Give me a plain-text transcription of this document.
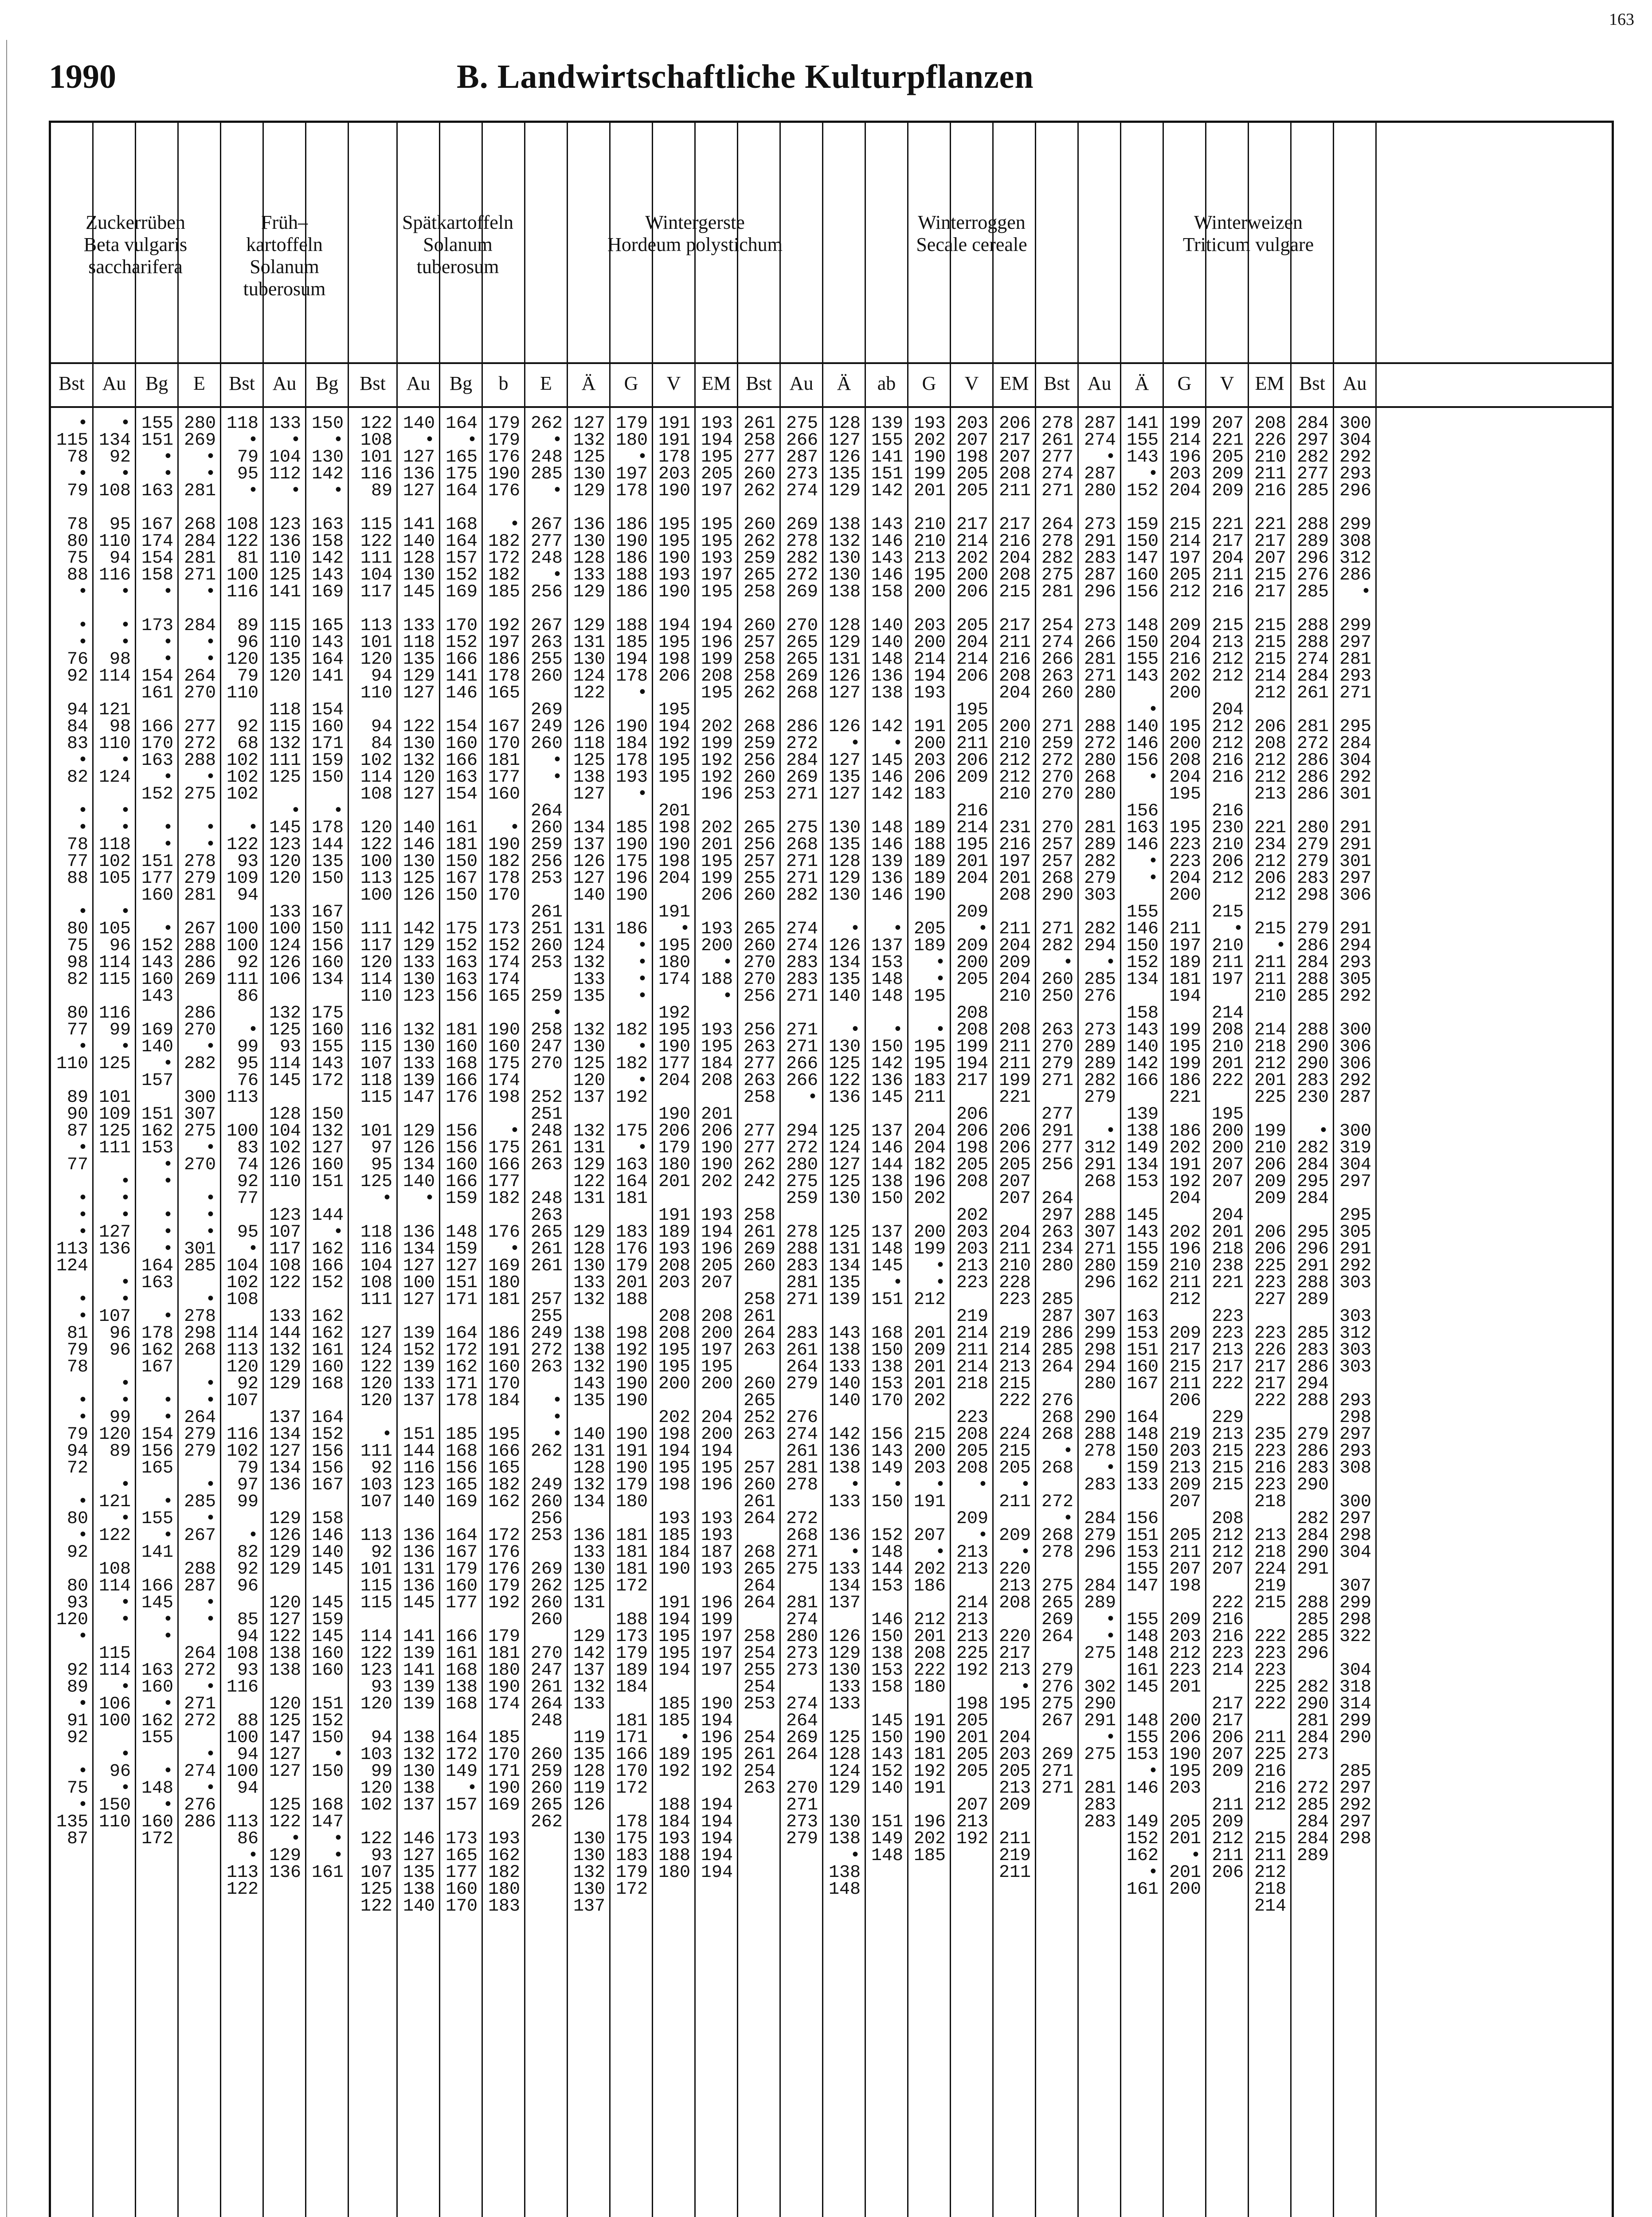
163
1990	B. Landwirtschaftliche Kulturpflanzen
Zuckerrüben
Beta vulgaris
saccharifera
Früh–
kartoffeln
Solanum
tuberosum
Spätkartoffeln
Solanum
tuberosum
Wintergerste
Hordeum polystichum
Winterroggen
Secale cereale
Winterweizen
Triticum vulgare
Bst
•
115
78
•
79
78
80
75
88
•
•
•
76
92
94
84
83
•
82
•
•
78
77
88
•
80
75
98
82
80
77
•
110
89
90
87
•
77
•
•
•
113
124
•
•
81
79
78
•
•
79
94
72
•
80
•
92
80
93
120
•
92
89
•
91
92
•
75
•
135
87
Au
•
134
92
•
108
95
110
94
116
•
•
•
98
114
121
98
110
•
124
•
•
118
102
105
•
105
96
114
115
116
99
•
125
101
109
125
111
•
•
•
127
136
•
•
107
96
96
•
•
99
120
89
•
121
•
122
108
114
•
•
115
114
•
106
100
•
96
•
150
110
Bg
155
151
•
•
163
167
174
154
158
•
173
•
•
154
161
166
170
163
•
152
•
•
151
177
160
•
152
143
160
143
169
140
•
157
151
162
153
•
•
•
•
•
164
163
•
178
162
167
•
•
154
156
165
•
155
•
141
166
145
•
•
163
160
•
162
155
•
148
•
160
172
E
280
269
•
•
281
268
284
281
271
•
284
•
•
264
270
277
272
288
•
275
•
•
278
279
281
267
288
286
269
286
270
•
282
300
307
275
•
270
•
•
•
301
285
•
278
298
268
•
•
264
279
279
•
285
•
267
288
287
•
•
264
272
•
271
272
•
274
•
276
286
Bst
118
•
79
95
•
108
122
81
100
116
89
96
120
79
110
92
68
102
102
102
•
122
93
109
94
100
100
92
111
86
•
99
95
76
113
100
83
74
92
77
95
•
104
102
108
114
113
120
92
107
116
102
79
97
99
•
82
92
96
85
94
108
93
116
88
100
94
100
94
113
86
•
113
122
Au
133
•
104
112
•
123
136
110
125
141
115
110
135
120
118
115
132
111
125
•
145
123
120
120
133
100
124
126
106
132
125
93
114
145
128
104
102
126
110
123
107
117
108
122
133
144
132
129
129
137
134
127
134
136
129
126
129
129
120
127
122
138
138
120
125
147
127
127
125
122
•
129
136
Bg
150
•
130
142
•
163
158
142
143
169
165
143
164
141
154
160
171
159
150
•
178
144
135
150
167
150
156
160
134
175
160
155
143
172
150
132
127
160
151
144
•
162
166
152
162
162
161
160
168
164
152
156
156
167
158
146
140
145
145
159
145
160
160
151
152
150
•
150
168
147
•
•
161
Bst
122
108
101
116
89
115
122
111
104
117
113
101
120
94
110
94
84
102
114
108
120
122
100
113
100
111
117
120
114
110
116
115
107
118
115
101
97
95
125
•
118
116
104
108
111
127
124
122
120
120
•
111
92
103
107
113
92
101
115
115
114
122
123
93
120
94
103
99
120
102
122
93
107
125
122
Au
140
•
127
136
127
141
140
128
130
145
133
118
135
129
127
122
130
132
120
127
140
146
130
125
126
142
129
133
130
123
132
130
133
139
147
129
126
134
140
•
136
134
127
100
127
139
152
139
133
137
151
144
116
123
140
136
136
131
136
145
141
139
141
139
139
138
132
130
138
137
146
127
135
138
140
Bg
164
•
165
175
164
168
164
157
152
169
170
152
166
141
146
154
160
166
163
154
161
181
150
167
150
175
152
163
163
156
181
160
168
166
176
156
156
160
166
159
148
159
127
151
171
164
172
162
171
178
185
168
156
165
169
164
167
179
160
177
166
161
168
138
168
164
172
149
•
157
173
165
177
160
170
b
179
179
176
190
176
•
182
172
182
185
192
197
186
178
165
167
170
181
177
160
•
190
182
178
170
173
152
174
174
165
190
160
175
174
198
•
175
166
177
182
176
•
169
180
181
186
191
160
170
184
195
166
165
182
162
172
176
176
179
192
179
181
180
190
174
185
170
171
190
169
193
162
182
180
183
E
262
•
248
285
•
267
277
248
•
256
267
263
255
260
269
249
260
•
•
264
260
259
256
253
261
251
260
253
259
•
258
247
270
252
251
248
261
263
248
263
265
261
261
257
255
249
272
263
•
•
•
262
249
260
256
253
269
262
260
260
270
247
261
264
248
260
259
260
265
262
Ä
127
132
125
130
129
136
130
128
133
129
129
131
130
124
122
126
118
125
138
127
134
137
126
127
140
131
124
132
133
135
132
130
125
120
137
132
131
129
122
131
129
128
130
133
132
138
138
132
143
135
140
131
128
132
134
136
133
130
125
131
129
142
137
132
133
119
135
128
119
126
130
130
132
130
137
G
179
180
•
197
178
186
190
186
188
186
188
185
194
178
•
190
184
178
193
•
185
190
175
196
190
186
•
•
•
•
182
•
182
•
192
175
•
163
164
181
183
176
179
201
188
198
192
190
190
190
190
191
190
179
180
181
181
181
172
188
173
179
189
184
181
171
166
170
172
178
175
183
179
172
V
191
191
178
203
190
195
195
190
193
190
194
195
198
206
195
194
192
195
195
201
198
190
198
204
191
•
195
180
174
192
195
190
177
204
190
206
179
180
201
191
189
193
208
203
208
208
195
195
200
202
198
194
195
198
193
185
184
190
191
194
195
195
194
185
185
•
189
192
188
184
193
188
180
EM
193
194
195
205
197
195
195
193
197
195
194
196
199
208
195
202
199
192
192
196
202
201
195
199
206
193
200
•
188
•
193
195
184
208
201
206
190
190
202
193
194
196
205
207
208
200
197
195
200
204
200
194
195
196
193
193
187
193
196
199
197
197
197
190
194
196
195
192
194
194
194
194
194
Bst
261
258
277
260
262
260
262
259
265
258
260
257
258
258
262
268
259
256
260
253
265
256
257
255
260
265
260
270
270
256
256
263
277
263
258
277
277
262
242
258
261
269
260
258
261
264
263
260
265
252
263
257
260
261
264
268
265
264
264
258
254
255
254
253
254
261
254
263
Au
275
266
287
273
274
269
278
282
272
269
270
265
265
269
268
286
272
284
269
271
275
268
271
271
282
274
274
283
283
271
271
271
266
266
•
294
272
280
275
259
278
288
283
281
271
283
261
264
279
276
274
261
281
278
272
268
271
275
281
274
280
273
273
274
264
269
264
270
271
273
279
Ä
128
127
126
135
129
138
132
130
130
138
128
129
131
126
127
126
•
127
135
127
130
135
128
129
130
•
126
134
135
140
•
130
125
122
136
125
124
127
125
130
125
131
134
135
139
143
138
133
140
140
142
136
138
•
133
136
•
133
134
137
126
129
130
133
133
125
128
124
129
130
138
•
138
148
ab
139
155
141
151
142
143
146
143
146
158
140
140
148
136
138
142
•
145
146
142
148
146
139
136
146
•
137
153
148
148
•
150
142
136
145
137
146
144
138
150
137
148
145
•
151
168
150
138
153
170
156
143
149
•
150
152
148
144
153
146
150
138
153
158
145
150
143
152
140
151
149
148
G
193
202
190
199
201
210
210
213
195
200
203
200
214
194
193
191
200
203
206
183
189
188
189
189
190
205
189
•
•
195
•
195
195
183
211
204
204
182
196
202
200
199
•
•
212
201
209
201
201
202
215
200
203
•
191
207
•
202
186
212
201
208
222
180
191
190
181
192
191
196
202
185
V
203
207
198
205
205
217
214
202
200
206
205
204
214
206
195
205
211
206
209
216
214
195
201
204
209
•
209
200
205
208
208
199
194
217
206
206
198
205
208
202
203
203
213
223
219
214
211
214
218
223
208
205
208
•
209
•
213
213
214
213
213
225
192
198
205
201
205
205
207
213
192
EM
206
217
207
208
211
217
216
204
208
215
217
211
216
208
204
200
210
212
212
210
231
216
197
201
208
211
204
209
204
210
208
211
211
199
221
206
206
205
207
207
204
211
210
228
223
219
214
213
215
222
224
215
205
•
211
209
•
220
213
208
220
217
213
•
195
204
203
205
213
209
211
219
211
Bst
278
261
277
274
271
264
278
282
275
281
254
274
266
263
260
271
259
272
270
270
270
257
257
268
290
271
282
•
260
250
263
270
279
271
277
291
277
256
264
297
263
234
280
285
287
286
285
264
276
268
268
•
268
272
•
268
278
275
265
269
264
279
276
275
267
269
271
271
Au
287
274
•
287
280
273
291
283
287
296
273
266
281
271
280
288
272
280
268
280
281
289
282
279
303
282
294
•
285
276
273
289
289
282
279
•
312
291
268
288
307
271
280
296
307
299
298
294
280
290
288
278
•
283
284
279
296
284
289
•
•
275
302
290
291
•
275
281
283
283
Ä
141
155
143
•
152
159
150
147
160
156
148
150
155
143
•
140
146
156
•
156
163
146
•
•
155
146
150
152
134
158
143
140
142
166
139
138
149
134
153
145
143
155
159
162
163
153
151
160
167
164
148
150
159
133
156
151
153
155
147
155
148
148
161
145
148
155
153
•
146
149
152
162
•
161
G
199
214
196
203
204
215
214
197
205
212
209
204
216
202
200
195
200
208
204
195
195
223
223
204
200
211
197
189
181
194
199
195
199
186
221
186
202
191
192
204
202
196
210
211
212
209
217
215
211
206
219
203
213
209
207
205
211
207
198
209
203
212
223
201
200
206
190
195
203
205
201
•
201
200
V
207
221
205
209
209
221
217
204
211
216
215
213
212
212
204
212
212
216
216
216
230
210
206
212
215
•
210
211
197
214
208
210
201
222
195
200
200
207
207
204
201
218
238
221
223
223
213
217
222
229
213
215
215
215
208
212
212
207
222
216
216
223
214
217
217
206
207
209
211
209
212
211
206
EM
208
226
210
211
216
221
217
207
215
217
215
215
215
214
212
206
208
212
212
213
221
234
212
206
212
215
•
211
211
210
214
218
212
201
225
199
210
206
209
209
206
206
225
223
227
223
226
217
217
222
235
223
216
223
218
213
218
224
219
215
222
223
223
225
222
211
225
216
216
212
215
211
212
218
214
Bst
284
297
282
277
285
288
289
296
276
285
288
288
274
284
261
281
272
286
286
286
280
279
279
283
298
279
286
284
288
285
288
290
290
283
230
•
282
284
295
284
295
296
291
288
289
285
283
286
294
288
279
286
283
290
282
284
290
291
288
285
285
296
282
290
281
284
273
272
285
284
284
289
Au
300
304
292
293
296
299
308
312
286
•
299
297
281
293
271
295
284
304
292
301
291
291
301
297
306
291
294
293
305
292
300
306
306
292
287
300
319
304
297
295
305
291
292
303
303
312
303
303
293
298
297
293
308
300
297
298
304
307
299
298
322
304
318
314
299
290
285
297
292
297
298
